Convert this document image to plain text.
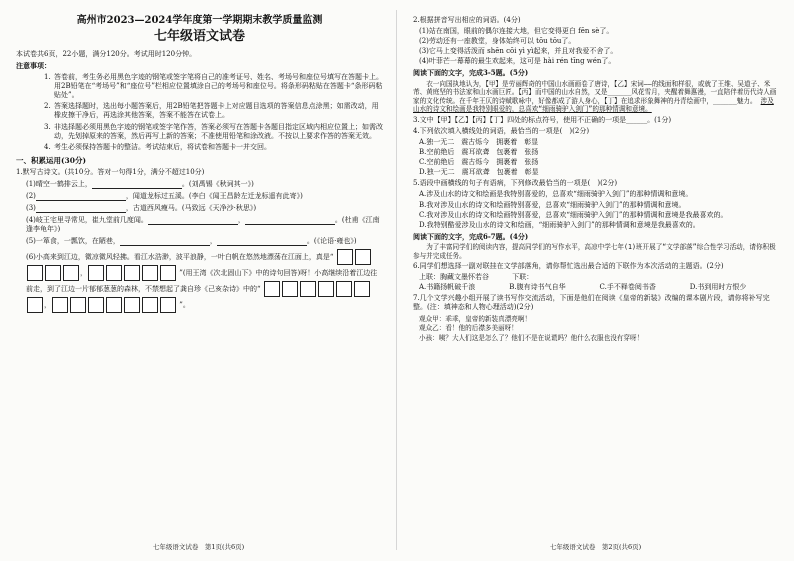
高州市2023—2024学年度第一学期期末教学质量监测

七年级语文试卷

本试卷共6页，22小题，满分120分。考试用时120分钟。

注意事项：
1. 答卷前，考生务必用黑色字迹的钢笔或签字笔将自己的准考证号、姓名、考场号和座位号填写在答题卡上。用2B铅笔在“考场号”和“座位号”栏相应位置填涂自己的考场号和座位号。将条形码粘贴在答题卡“条形码粘贴处”。
2. 答案选择题时，选出每小题答案后，用2B铅笔把答题卡上对应题目选项的答案信息点涂黑；如需改动，用橡皮擦干净后，再选涂其他答案，答案不能答在试卷上。
3. 非选择题必须用黑色字迹的钢笔或签字笔作答，答案必须写在答题卡各题目指定区域内相应位置上；如需改动，先划掉原来的答案，然后再写上新的答案；不准使用铅笔和涂改液。不按以上要求作答的答案无效。
4. 考生必须保持答题卡的整洁。考试结束后，将试卷和答题卡一并交回。

一、积累运用(30分)

1.默写古诗文。(共10分。答对一句得1分，满分不超过10分)

(1)晴空一鹤排云上，	。(刘禹锡《秋词其一》)
(2)	，闻道龙标过五溪。(李白《闻王昌龄左迁龙标遥有此寄》)
(3)	，古道西风瘦马。(马致远《天净沙·秋思》)
(4)岐王宅里寻常见，崔九堂前几度闻。	，	。(杜甫《江南逢李龟年》)
(5)一箪食，一瓢饮，在陋巷，	，	。(《论语·雍也》)
(6)小高来到江边，微凉微风轻拂。看江水浩渺，波平浪静，一叶白帆在悠然地漂荡在江面上，真是“ ，	”(用王湾《次北固山下》中的诗句回答)呀！小高继续沿着江边往前走，到了江边一片郁郁葱葱的森林，不禁想起了龚自珍《己亥杂诗》中的“ ，	”。
七年级语文试卷　第1页(共6页)

2.根据拼音写出相应的词语。(4分)

(1)站在南国，眼前的偶尔连接大地，但它变得更白 fēn sè了。

(2)劳动还有一座教堂，身体始终可以 tōu tōu了。

(3)它马上变得活泼而 shēn cōi yì yì起来，并且对我爱不舍了。

(4)叶菲芒一幕幕的最生欢起来，这可是 hài rén tīng wén了。

阅读下面的文字，完成3-5题。(5分)

衣一向国执地认为，【甲】是劳丽辉奇的中国山水画画卷了唐诗，【乙】宋词——的线面和样很，或就了王维、吴道子、米芾、黄庭坚的书法家和山水画巨匠。【丙】而中国的山水自然，又是______风花雪月，夹醒着舞惠漫，一直陪伴着历代诗人画家的文化传统。在千年王仄的诗赋歌咏中，好像都成了游人身心，【丁】在追求形象舞神的丹青绘画中，______魅力。 涉及山水的诗文和绘画是我特别眼爱的，总喜欢“细雨骑驴入剑门”的那种情调和意境。

3.文中【甲】【乙】【丙】【丁】四处的标点符号，使用不正确的一项是______。(1分)

4.下列依次填入横线处的词语，最恰当的一项是(　)(2分)

A.独一无二　震古烁今　拥裹着　彰显

B.空前绝后　震耳欲聋　包裹着　张扬

C.空前绝后　震古烁今　拥裹着　张扬

D.独一无二　震耳欲聋　包裹着　彰显

5.语段中画横线的句子有语病，下列修改最恰当的一项是(　)(2分)

A.涉及山水的诗文和绘画是我特别喜爱的，总喜欢“细雨骑驴入剑门”的那种情调和意境。

B.我对涉及山水的诗文和绘画特别喜爱，总喜欢“细雨骑驴入剑门”的那种情调和意境。

C.我对涉及山水的诗文和绘画特别喜爱，总喜欢“细雨骑驴入剑门”的那种情调和意境是我最喜欢的。

D.我特别酷爱涉及山水的诗文和绘画，“细雨骑驴入剑门”的那种情调和意境是我最喜欢的。

阅读下面的文字，完成6-7题。(4分)

为了丰富同学们的阅读内容，提高同学们的写作水平，高凉中学七年(1)班开展了“文学部落”综合性学习活动，请你积极参与并完成任务。

6.同学们想选择一副对联挂在文学部落角，请你帮忙选出最合适的下联作为本次活动的主题语。(2分)

上联：胸藏文墨怀若谷　　　	下联：

A.书籍扬帆破千浪	B.腹有诗书气自华	C.手不释卷阅书香	D.书到用时方恨少

7.几个文学兴趣小组开展了读书写作交流活动，下面是他们在阅读《皇帝的新装》改编的课本剧片段，请你将补写完整。(注：填神态和人物心理活动)(2分)

观众甲：乖乖，皇帝的新装真漂亮啊！

观众乙：看！他的后襟多美丽呀！

小孩：咦？大人们这是怎么了？他们不是在说谎吗？他什么衣服也没有穿呀！

七年级语文试卷　第2页(共6页)
